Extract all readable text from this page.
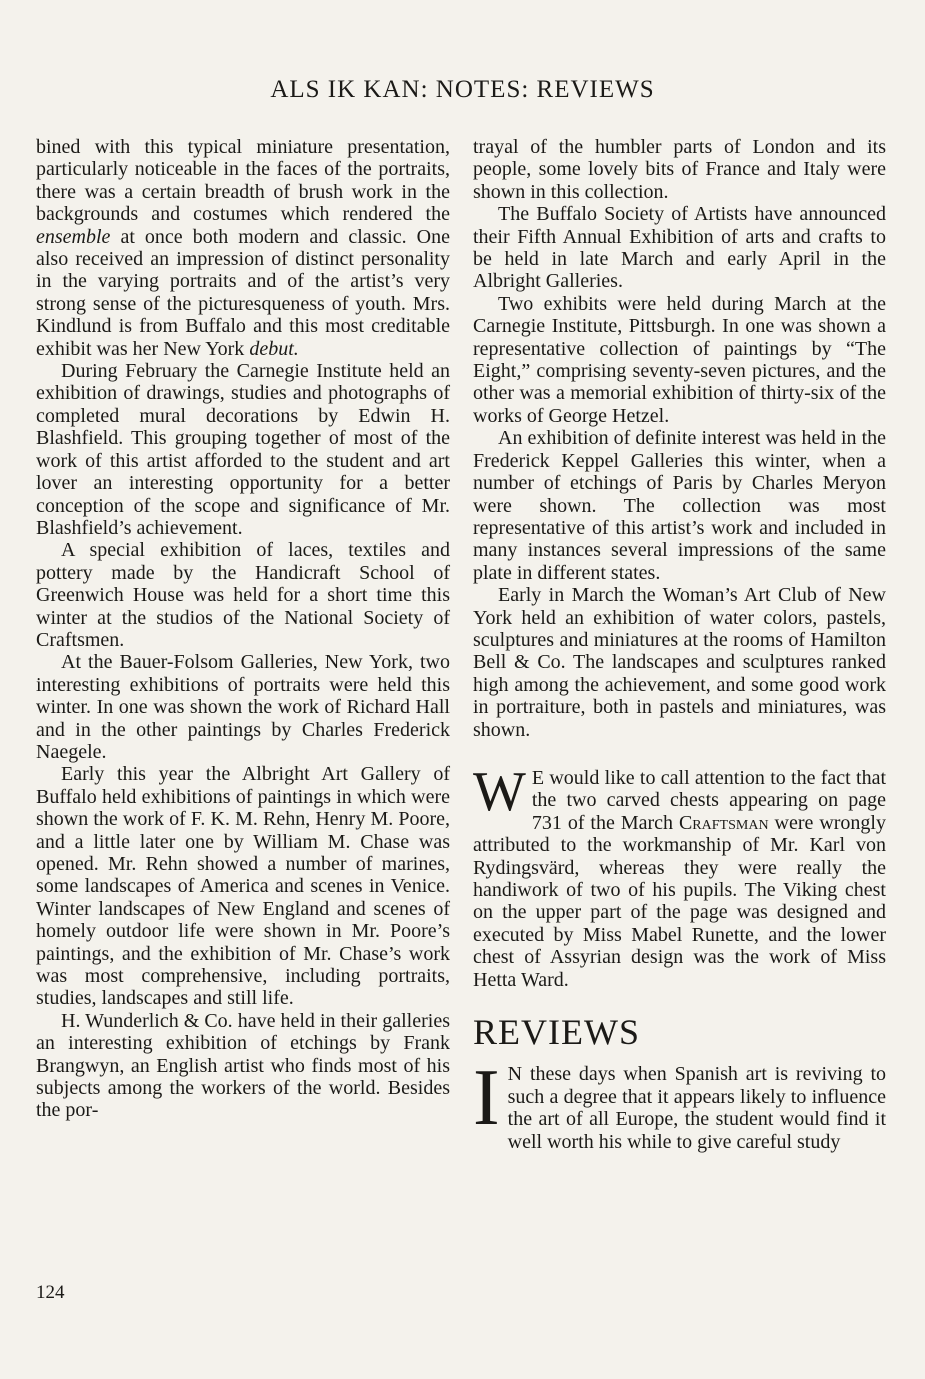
ALS IK KAN: NOTES: REVIEWS

bined with this typical miniature presentation, particularly noticeable in the faces of the portraits, there was a certain breadth of brush work in the backgrounds and costumes which rendered the ensemble at once both modern and classic. One also received an impression of distinct personality in the varying portraits and of the artist’s very strong sense of the picturesqueness of youth. Mrs. Kindlund is from Buffalo and this most creditable exhibit was her New York debut.

During February the Carnegie Institute held an exhibition of drawings, studies and photographs of completed mural decorations by Edwin H. Blashfield. This grouping together of most of the work of this artist afforded to the student and art lover an interesting opportunity for a better conception of the scope and significance of Mr. Blashfield’s achievement.

A special exhibition of laces, textiles and pottery made by the Handicraft School of Greenwich House was held for a short time this winter at the studios of the National Society of Craftsmen.

At the Bauer-Folsom Galleries, New York, two interesting exhibitions of portraits were held this winter. In one was shown the work of Richard Hall and in the other paintings by Charles Frederick Naegele.

Early this year the Albright Art Gallery of Buffalo held exhibitions of paintings in which were shown the work of F. K. M. Rehn, Henry M. Poore, and a little later one by William M. Chase was opened. Mr. Rehn showed a number of marines, some landscapes of America and scenes in Venice. Winter landscapes of New England and scenes of homely outdoor life were shown in Mr. Poore’s paintings, and the exhibition of Mr. Chase’s work was most comprehensive, including portraits, studies, landscapes and still life.

H. Wunderlich & Co. have held in their galleries an interesting exhibition of etchings by Frank Brangwyn, an English artist who finds most of his subjects among the workers of the world. Besides the por-

trayal of the humbler parts of London and its people, some lovely bits of France and Italy were shown in this collection.

The Buffalo Society of Artists have announced their Fifth Annual Exhibition of arts and crafts to be held in late March and early April in the Albright Galleries.

Two exhibits were held during March at the Carnegie Institute, Pittsburgh. In one was shown a representative collection of paintings by “The Eight,” comprising seventy-seven pictures, and the other was a memorial exhibition of thirty-six of the works of George Hetzel.

An exhibition of definite interest was held in the Frederick Keppel Galleries this winter, when a number of etchings of Paris by Charles Meryon were shown. The collection was most representative of this artist’s work and included in many instances several impressions of the same plate in different states.

Early in March the Woman’s Art Club of New York held an exhibition of water colors, pastels, sculptures and miniatures at the rooms of Hamilton Bell & Co. The landscapes and sculptures ranked high among the achievement, and some good work in portraiture, both in pastels and miniatures, was shown.

W E would like to call attention to the fact that the two carved chests appearing on page 731 of the March Craftsman were wrongly attributed to the workmanship of Mr. Karl von Rydingsvärd, whereas they were really the handiwork of two of his pupils. The Viking chest on the upper part of the page was designed and executed by Miss Mabel Runette, and the lower chest of Assyrian design was the work of Miss Hetta Ward.

REVIEWS

I N these days when Spanish art is reviving to such a degree that it appears likely to influence the art of all Europe, the student would find it well worth his while to give careful study

124
